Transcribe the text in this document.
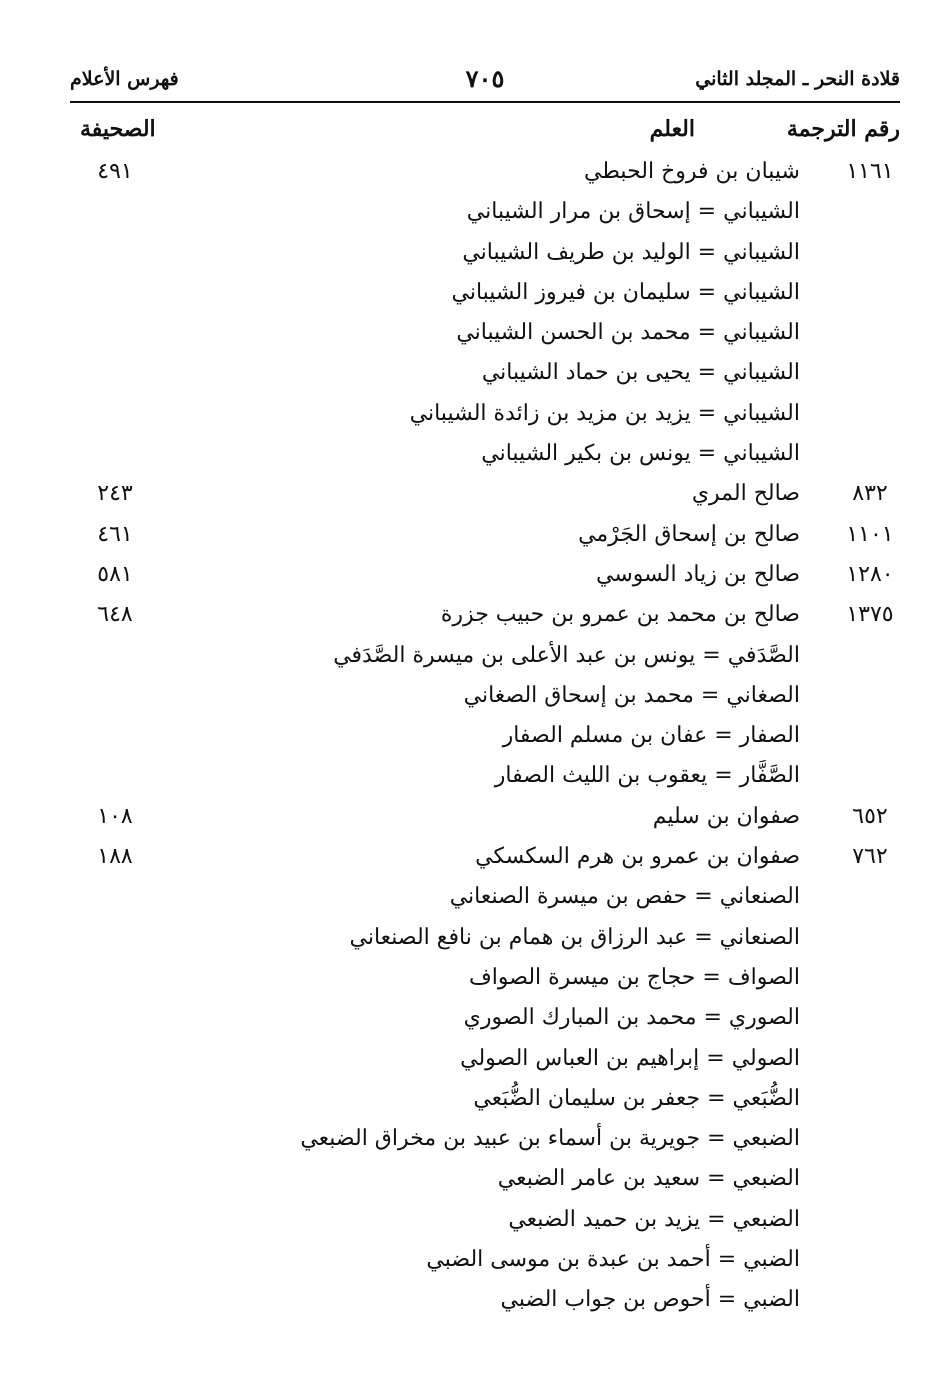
قلادة النحر ـ المجلد الثاني
٧٠٥
فهرس الأعلام
رقم الترجمة
العلم
الصحيفة
١١٦١
شيبان بن فروخ الحبطي
٤٩١
الشيباني = إسحاق بن مرار الشيباني
الشيباني = الوليد بن طريف الشيباني
الشيباني = سليمان بن فيروز الشيباني
الشيباني = محمد بن الحسن الشيباني
الشيباني = يحيى بن حماد الشيباني
الشيباني = يزيد بن مزيد بن زائدة الشيباني
الشيباني = يونس بن بكير الشيباني
٨٣٢
صالح المري
٢٤٣
١١٠١
صالح بن إسحاق الجَرْمي
٤٦١
١٢٨٠
صالح بن زياد السوسي
٥٨١
١٣٧٥
صالح بن محمد بن عمرو بن حبيب جزرة
٦٤٨
الصَّدَفي = يونس بن عبد الأعلى بن ميسرة الصَّدَفي
الصغاني = محمد بن إسحاق الصغاني
الصفار = عفان بن مسلم الصفار
الصَّفَّار = يعقوب بن الليث الصفار
٦٥٢
صفوان بن سليم
١٠٨
٧٦٢
صفوان بن عمرو بن هرم السكسكي
١٨٨
الصنعاني = حفص بن ميسرة الصنعاني
الصنعاني = عبد الرزاق بن همام بن نافع الصنعاني
الصواف = حجاج بن ميسرة الصواف
الصوري = محمد بن المبارك الصوري
الصولي = إبراهيم بن العباس الصولي
الضُّبَعي = جعفر بن سليمان الضُّبَعي
الضبعي = جويرية بن أسماء بن عبيد بن مخراق الضبعي
الضبعي = سعيد بن عامر الضبعي
الضبعي = يزيد بن حميد الضبعي
الضبي = أحمد بن عبدة بن موسى الضبي
الضبي = أحوص بن جواب الضبي
